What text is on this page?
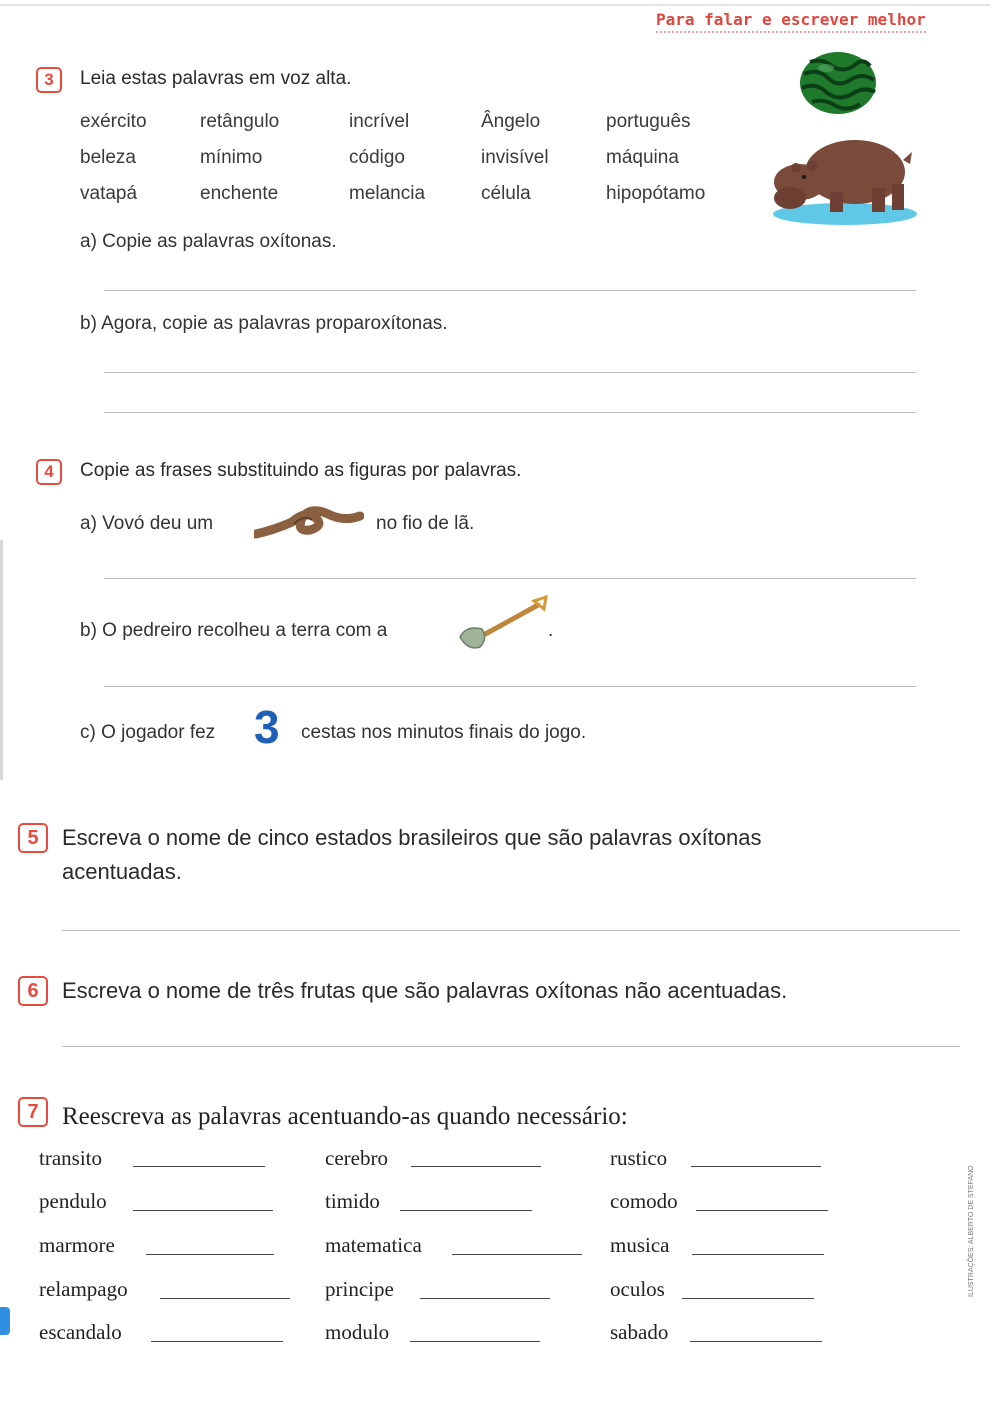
Para falar e escrever melhor
3	Leia estas palavras em voz alta.
exército	retângulo	incrível	Ângelo	português
beleza	mínimo	código	invisível	máquina
vatapá	enchente	melancia	célula	hipopótamo
a) Copie as palavras oxítonas.
b) Agora, copie as palavras proparoxítonas.
4	Copie as frases substituindo as figuras por palavras.
a) Vovó deu um	no fio de lã.
b) O pedreiro recolheu a terra com a	.
c) O jogador fez 3 cestas nos minutos finais do jogo.
5	Escreva o nome de cinco estados brasileiros que são palavras oxítonas
acentuadas.
6	Escreva o nome de três frutas que são palavras oxítonas não acentuadas.
7 Reescreva as palavras acentuando-as quando necessário:
transito	cerebro	rustico
pendulo	timido	comodo
marmore	matematica	musica
relampago	principe	oculos
escandalo	modulo	sabado
ILUSTRAÇÕES: ALBERTO DE STEFANO
